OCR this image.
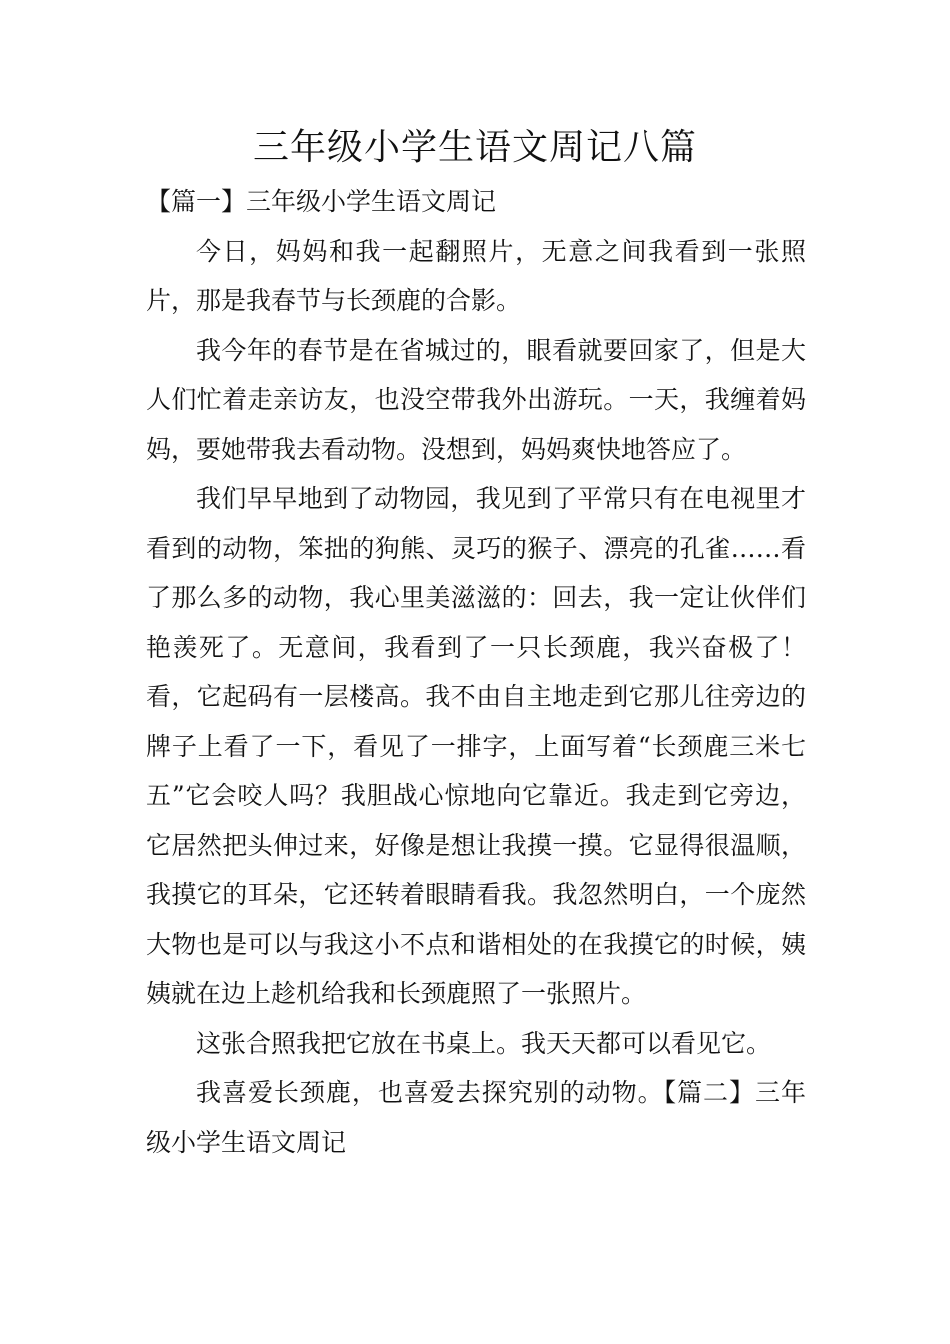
三年级小学生语文周记八篇
【篇一】三年级小学生语文周记

今日，妈妈和我一起翻照片，无意之间我看到一张照片，那是我春节与长颈鹿的合影。

我今年的春节是在省城过的，眼看就要回家了，但是大人们忙着走亲访友，也没空带我外出游玩。一天，我缠着妈妈，要她带我去看动物。没想到，妈妈爽快地答应了。

我们早早地到了动物园，我见到了平常只有在电视里才看到的动物，笨拙的狗熊、灵巧的猴子、漂亮的孔雀……看了那么多的动物，我心里美滋滋的：回去，我一定让伙伴们艳羡死了。无意间，我看到了一只长颈鹿，我兴奋极了！看，它起码有一层楼高。我不由自主地走到它那儿往旁边的牌子上看了一下，看见了一排字，上面写着“长颈鹿三米七五”它会咬人吗？我胆战心惊地向它靠近。我走到它旁边，它居然把头伸过来，好像是想让我摸一摸。它显得很温顺，我摸它的耳朵，它还转着眼睛看我。我忽然明白，一个庞然大物也是可以与我这小不点和谐相处的在我摸它的时候，姨姨就在边上趁机给我和长颈鹿照了一张照片。

这张合照我把它放在书桌上。我天天都可以看见它。

我喜爱长颈鹿，也喜爱去探究别的动物。【篇二】三年级小学生语文周记
